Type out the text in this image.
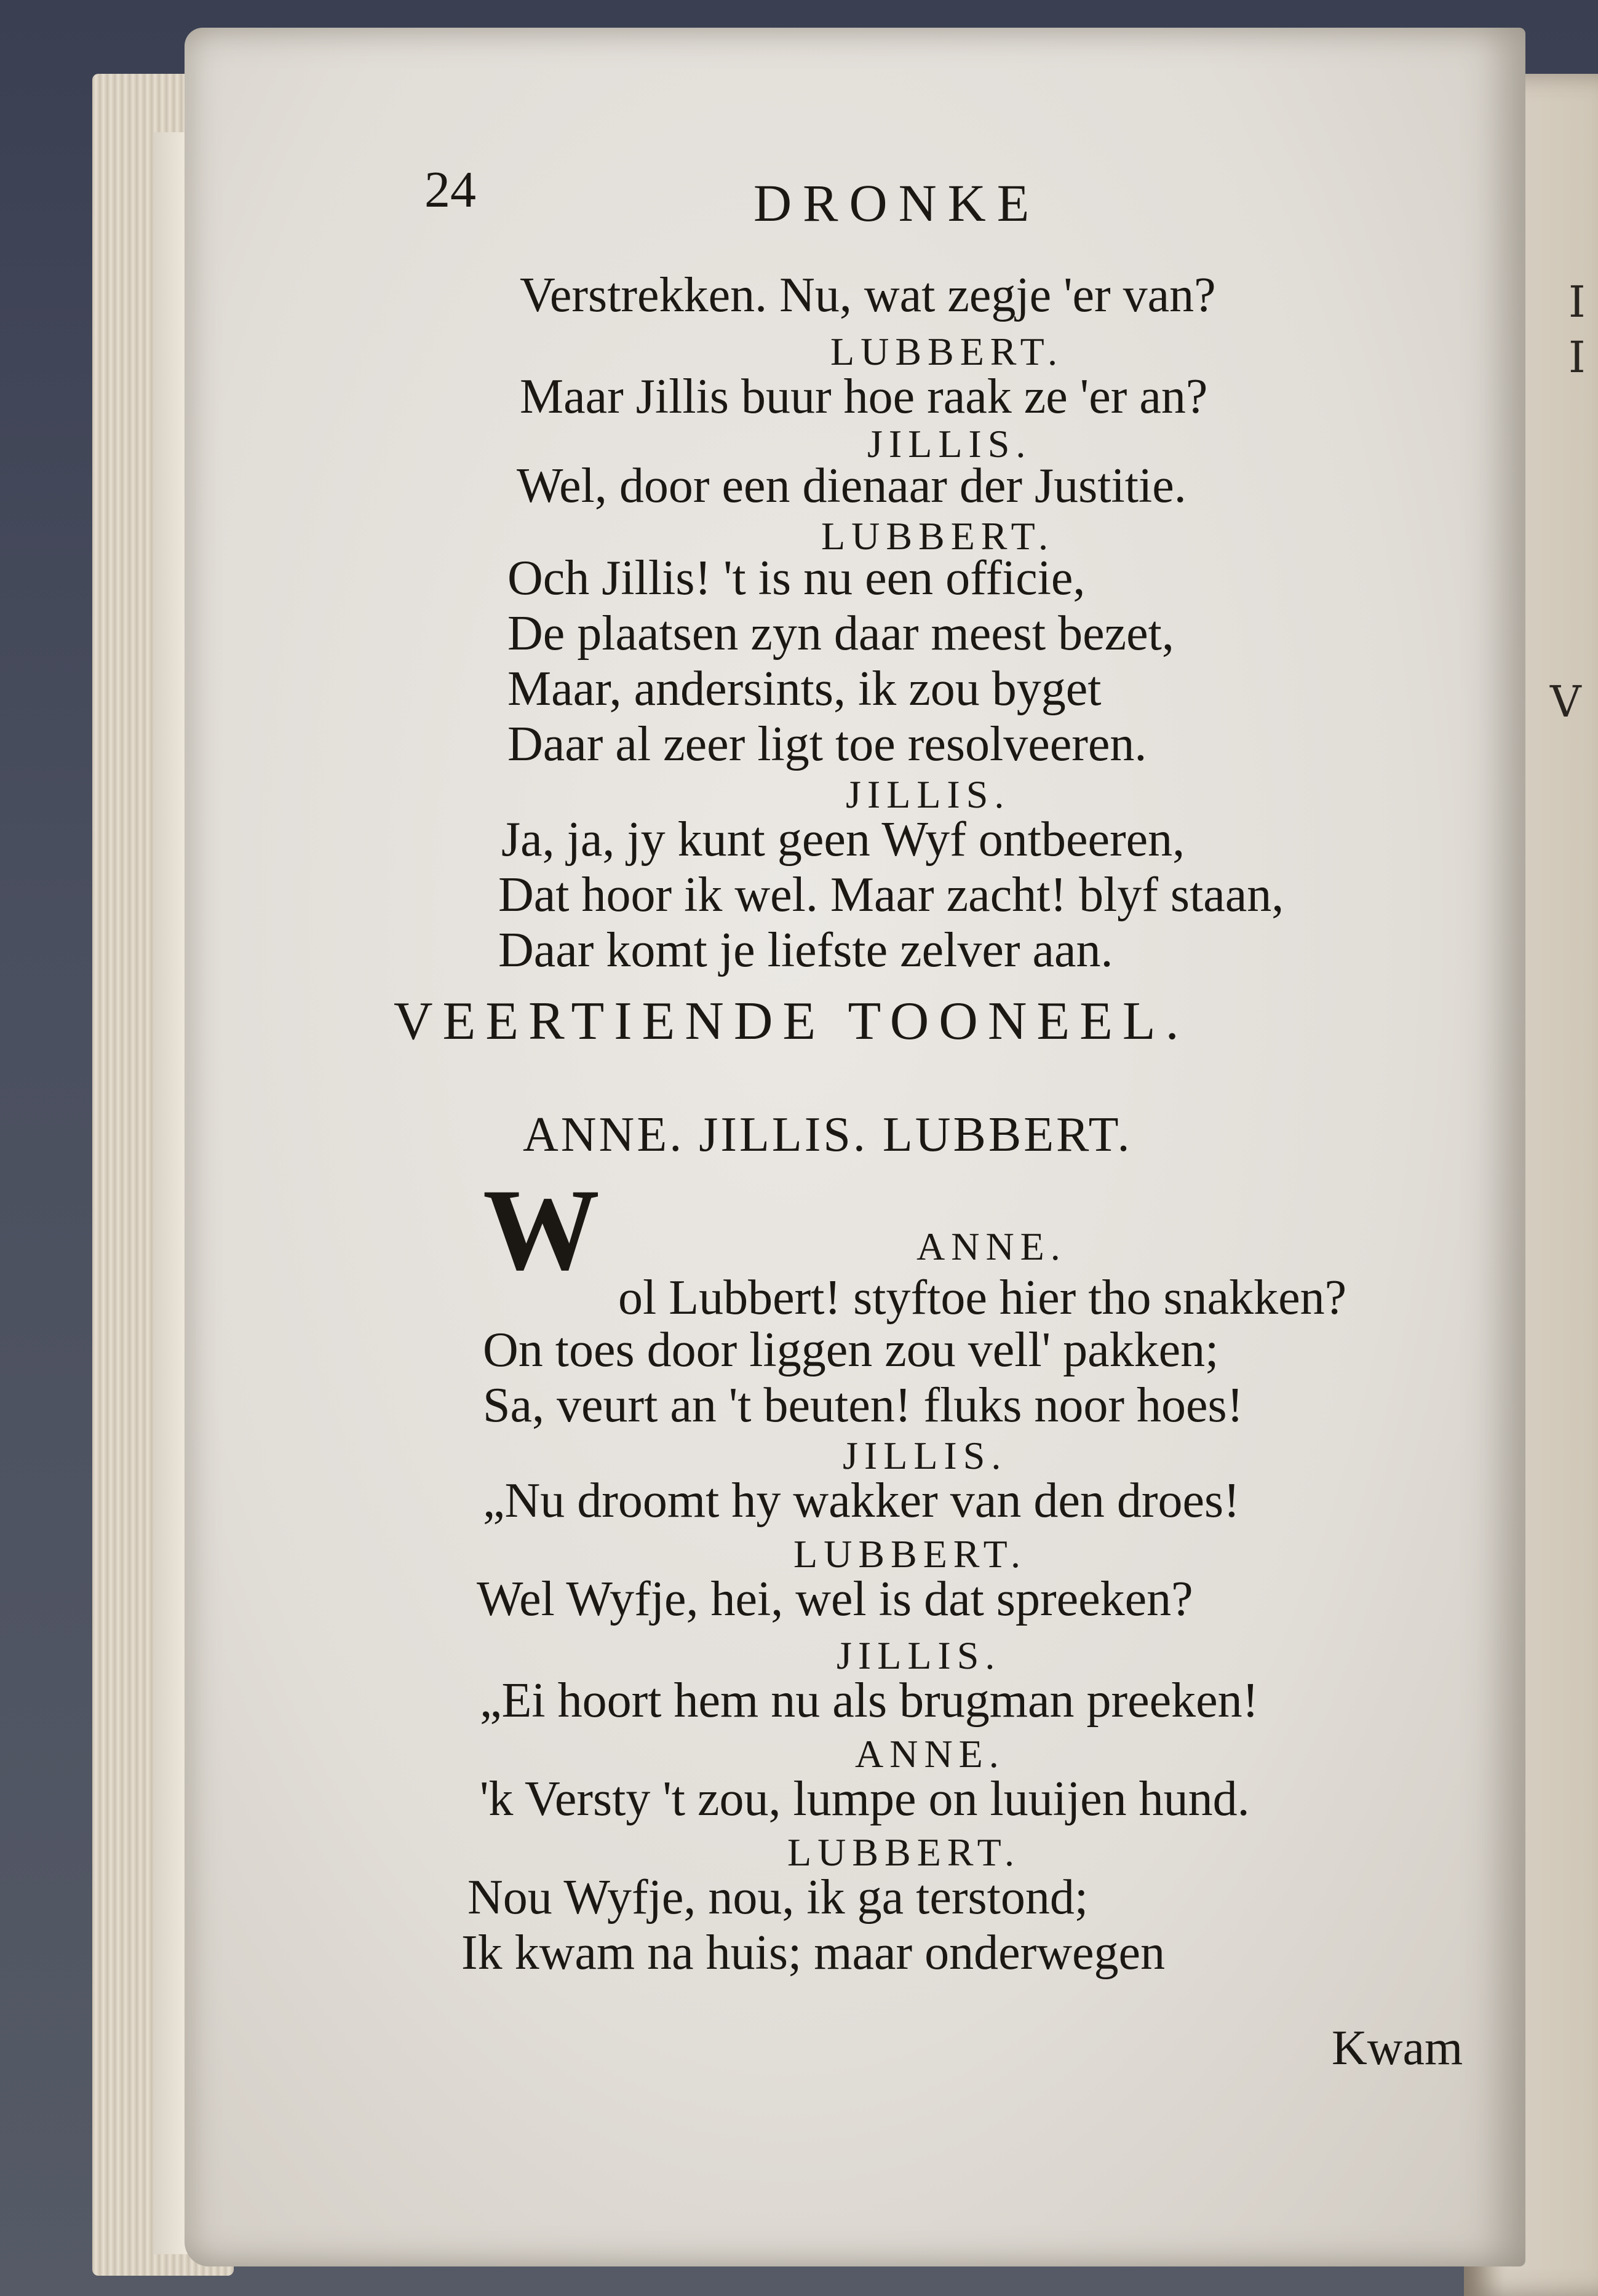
I
I
V
24	DRONKE
Verstrekken. Nu, wat zegje 'er van?
LUBBERT.
Maar Jillis buur hoe raak ze 'er an?
JILLIS.
Wel, door een dienaar der Justitie.
LUBBERT.
Och Jillis! 't is nu een officie,
De plaatsen zyn daar meest bezet,
Maar, andersints, ik zou byget
Daar al zeer ligt toe resolveeren.
JILLIS.
Ja, ja, jy kunt geen Wyf ontbeeren,
Dat hoor ik wel. Maar zacht! blyf staan,
Daar komt je liefste zelver aan.
VEERTIENDE TOONEEL.
ANNE. JILLIS. LUBBERT.
ANNE.
W
ol Lubbert! styftoe hier tho snakken?
On toes door liggen zou vell' pakken;
Sa, veurt an 't beuten! fluks noor hoes!
JILLIS.
„Nu droomt hy wakker van den droes!
LUBBERT.
Wel Wyfje, hei, wel is dat spreeken?
JILLIS.
„Ei hoort hem nu als brugman preeken!
ANNE.
'k Versty 't zou, lumpe on luuijen hund.
LUBBERT.
Nou Wyfje, nou, ik ga terstond;
Ik kwam na huis; maar onderwegen
Kwam
